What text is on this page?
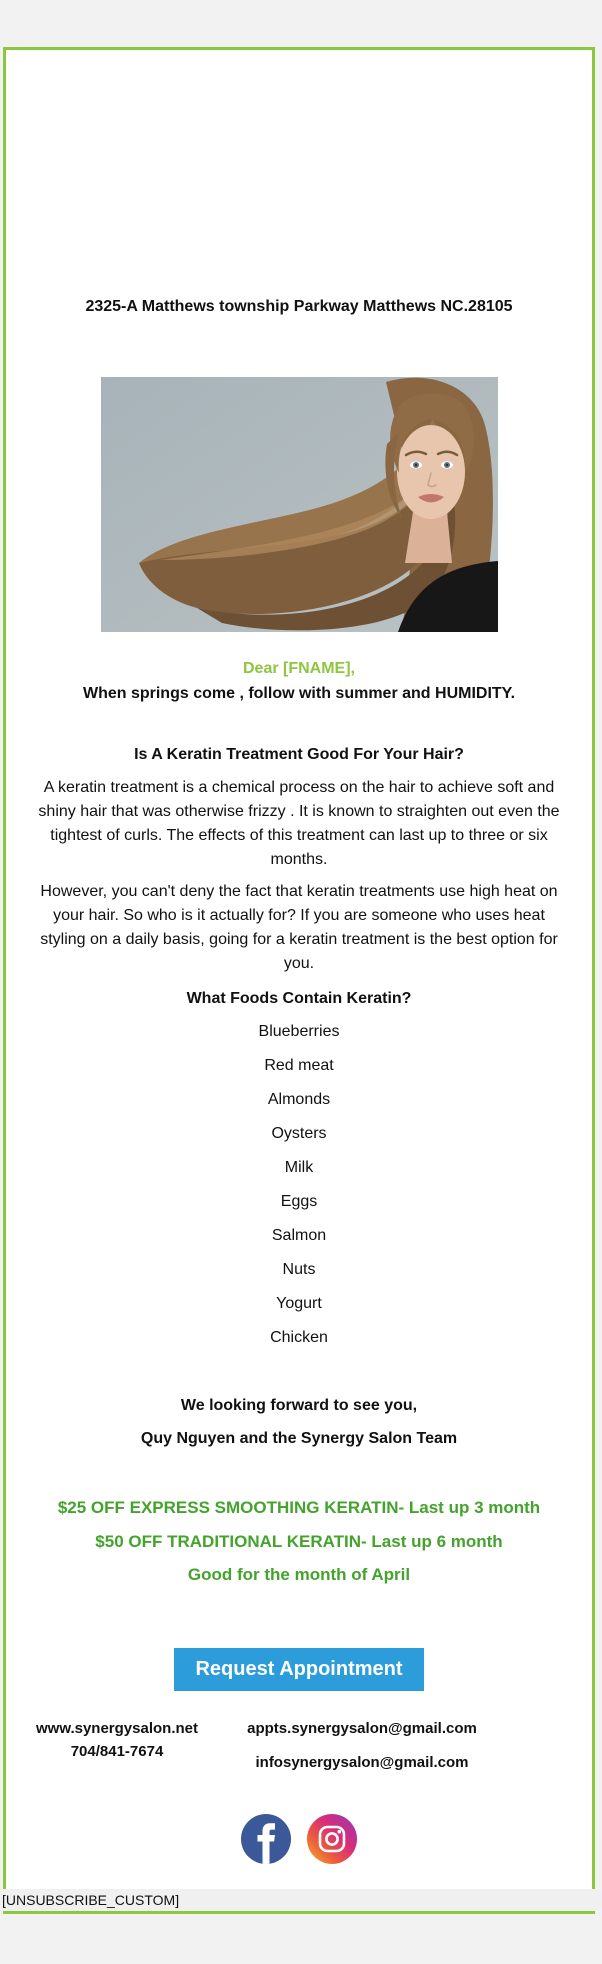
2325-A Matthews township Parkway Matthews NC.28105
Dear [FNAME],
When springs come , follow with summer and HUMIDITY.
Is A Keratin Treatment Good For Your Hair?

A keratin treatment is a chemical process on the hair to achieve soft and shiny hair that was otherwise frizzy . It is known to straighten out even the tightest of curls. The effects of this treatment can last up to three or six months.

However, you can't deny the fact that keratin treatments use high heat on your hair. So who is it actually for? If you are someone who uses heat styling on a daily basis, going for a keratin treatment is the best option for you.

What Foods Contain Keratin?

Blueberries

Red meat

Almonds

Oysters

Milk

Eggs

Salmon

Nuts

Yogurt

Chicken

We looking forward to see you,
Quy Nguyen and the Synergy Salon Team
$25 OFF EXPRESS SMOOTHING KERATIN- Last up 3 month
$50 OFF TRADITIONAL KERATIN- Last up 6 month
Good for the month of April
Request Appointment
www.synergysalon.net
704/841-7674
appts.synergysalon@gmail.com
infosynergysalon@gmail.com

[UNSUBSCRIBE_CUSTOM]
